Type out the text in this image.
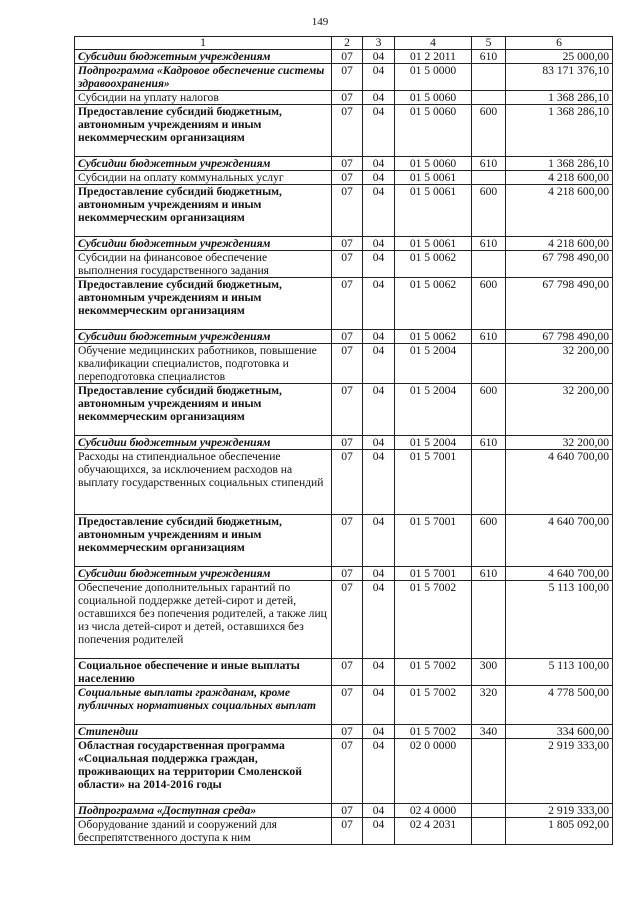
149
1	2	3	4	5	6
Субсидии бюджетным учреждениям	07	04	01 2 2011	610	25 000,00
Подпрограмма «Кадровое обеспечение системы здравоохранения»	07	04	01 5 0000		83 171 376,10
Субсидии на уплату налогов	07	04	01 5 0060		1 368 286,10
Предоставление субсидий бюджетным, автономным учреждениям и иным некоммерческим организациям	07	04	01 5 0060	600	1 368 286,10
Субсидии бюджетным учреждениям	07	04	01 5 0060	610	1 368 286,10
Субсидии на оплату коммунальных услуг	07	04	01 5 0061		4 218 600,00
Предоставление субсидий бюджетным, автономным учреждениям и иным некоммерческим организациям	07	04	01 5 0061	600	4 218 600,00
Субсидии бюджетным учреждениям	07	04	01 5 0061	610	4 218 600,00
Субсидии на финансовое обеспечение выполнения государственного задания	07	04	01 5 0062		67 798 490,00
Предоставление субсидий бюджетным, автономным учреждениям и иным некоммерческим организациям	07	04	01 5 0062	600	67 798 490,00
Субсидии бюджетным учреждениям	07	04	01 5 0062	610	67 798 490,00
Обучение медицинских работников, повышение квалификации специалистов, подготовка и переподготовка специалистов	07	04	01 5 2004		32 200,00
Предоставление субсидий бюджетным, автономным учреждениям и иным некоммерческим организациям	07	04	01 5 2004	600	32 200,00
Субсидии бюджетным учреждениям	07	04	01 5 2004	610	32 200,00
Расходы на стипендиальное обеспечение обучающихся, за исключением расходов на выплату государственных социальных стипендий	07	04	01 5 7001		4 640 700,00
Предоставление субсидий бюджетным, автономным учреждениям и иным некоммерческим организациям	07	04	01 5 7001	600	4 640 700,00
Субсидии бюджетным учреждениям	07	04	01 5 7001	610	4 640 700,00
Обеспечение дополнительных гарантий по социальной поддержке детей-сирот и детей, оставшихся без попечения родителей, а также лиц из числа детей-сирот и детей, оставшихся без попечения родителей	07	04	01 5 7002		5 113 100,00
Социальное обеспечение и иные выплаты населению	07	04	01 5 7002	300	5 113 100,00
Социальные выплаты гражданам, кроме публичных нормативных социальных выплат	07	04	01 5 7002	320	4 778 500,00
Стипендии	07	04	01 5 7002	340	334 600,00
Областная государственная программа «Социальная поддержка граждан, проживающих на территории Смоленской области» на 2014-2016 годы	07	04	02 0 0000		2 919 333,00
Подпрограмма «Доступная среда»	07	04	02 4 0000		2 919 333,00
Оборудование зданий и сооружений для беспрепятственного доступа к ним	07	04	02 4 2031		1 805 092,00
